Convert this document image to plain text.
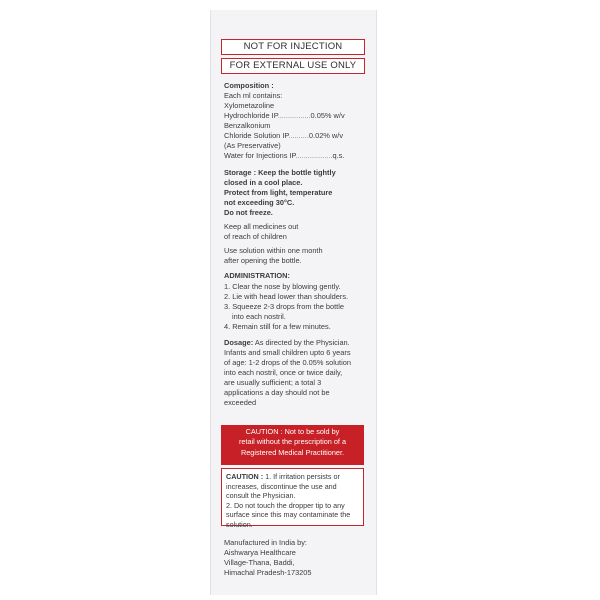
NOT FOR INJECTION
FOR EXTERNAL USE ONLY
Composition :
Each ml contains:
Xylometazoline
Hydrochloride IP................0.05% w/v
Benzalkonium
Chloride Solution IP..........0.02% w/v
(As Preservative)
Water for Injections IP..................q.s.
Storage : Keep the bottle tightly
closed in a cool place.
Protect from light, temperature
not exceeding 30°C.
Do not freeze.
Keep all medicines out
of reach of children
Use solution within one month
after opening the bottle.
ADMINISTRATION:
1. Clear the nose by blowing gently.
2. Lie with head lower than shoulders.
3. Squeeze 2-3 drops from the bottle
into each nostril.
4. Remain still for a few minutes.
Dosage: As directed by the Physician.
Infants and small children upto 6 years
of age: 1-2 drops of the 0.05% solution
into each nostril, once or twice daily,
are usually sufficient; a total 3
applications a day should not be
exceeded
CAUTION : Not to be sold by
retail without the prescription of a
Registered Medical Practitioner.
CAUTION : 1. If irritation persists or
increases, discontinue the use and
consult the Physician.
2. Do not touch the dropper tip to any
surface since this may contaminate the
solution.
Manufactured in India by:
Aishwarya Healthcare
Village-Thana, Baddi,
Himachal Pradesh-173205
